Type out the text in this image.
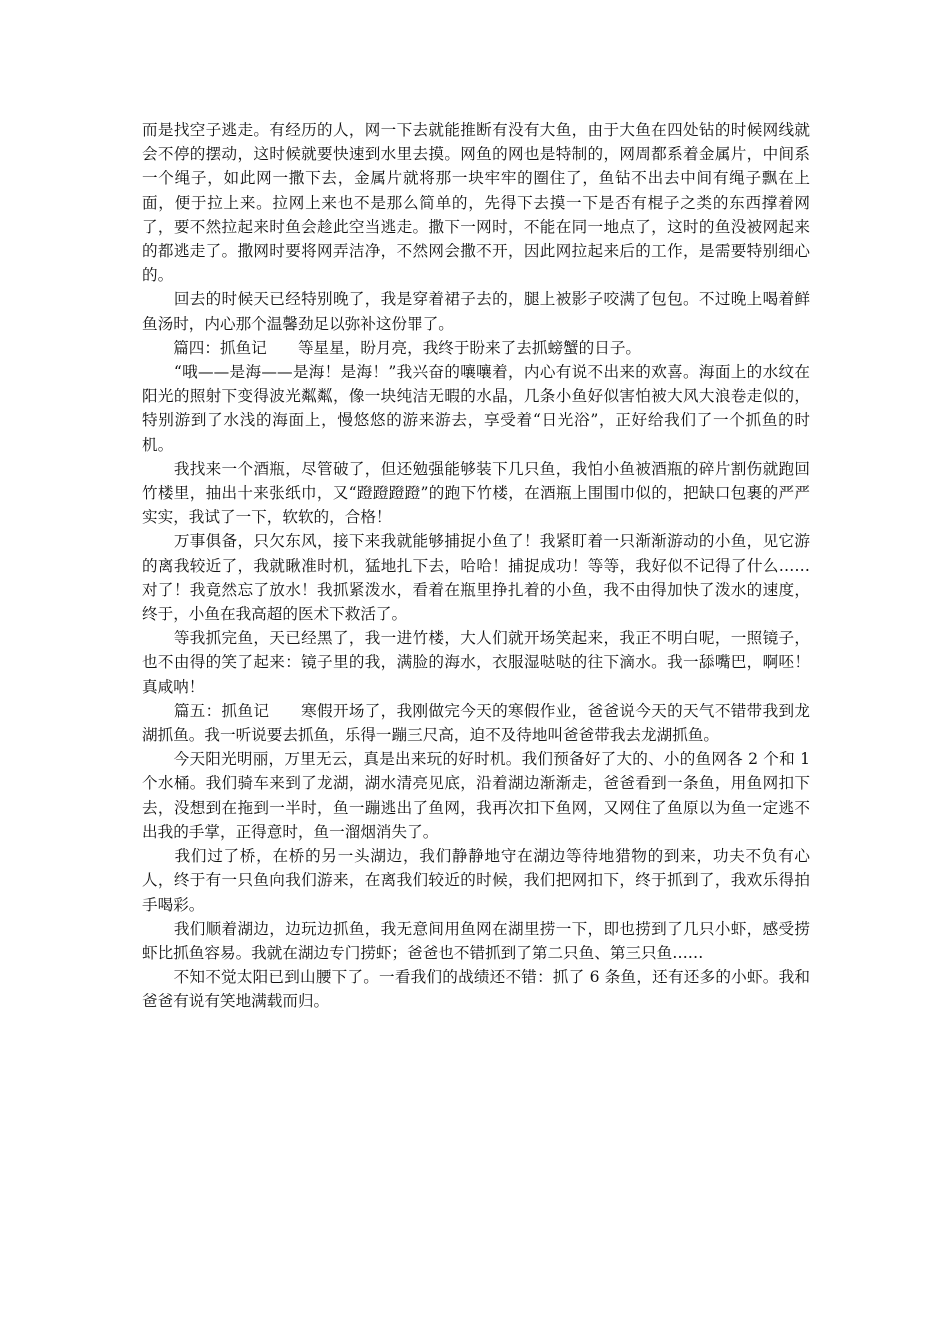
而是找空子逃走。有经历的人，网一下去就能推断有没有大鱼，由于大鱼在四处钻的时候网线就会不停的摆动，这时候就要快速到水里去摸。网鱼的网也是特制的，网周都系着金属片，中间系一个绳子，如此网一撒下去，金属片就将那一块牢牢的圈住了，鱼钻不出去中间有绳子飘在上面，便于拉上来。拉网上来也不是那么简单的，先得下去摸一下是否有棍子之类的东西撑着网了，要不然拉起来时鱼会趁此空当逃走。撒下一网时，不能在同一地点了，这时的鱼没被网起来的都逃走了。撒网时要将网弄洁净，不然网会撒不开，因此网拉起来后的工作，是需要特别细心的。

　　回去的时候天已经特别晚了，我是穿着裙子去的，腿上被影子咬满了包包。不过晚上喝着鲜鱼汤时，内心那个温馨劲足以弥补这份罪了。

　　篇四：抓鱼记　　等星星，盼月亮，我终于盼来了去抓螃蟹的日子。

　　“哦——是海——是海！是海！”我兴奋的嚷嚷着，内心有说不出来的欢喜。海面上的水纹在阳光的照射下变得波光粼粼，像一块纯洁无暇的水晶，几条小鱼好似害怕被大风大浪卷走似的，特别游到了水浅的海面上，慢悠悠的游来游去，享受着“日光浴”，正好给我们了一个抓鱼的时机。

　　我找来一个酒瓶，尽管破了，但还勉强能够装下几只鱼，我怕小鱼被酒瓶的碎片割伤就跑回竹楼里，抽出十来张纸巾，又“蹬蹬蹬蹬”的跑下竹楼，在酒瓶上围围巾似的，把缺口包裹的严严实实，我试了一下，软软的，合格！

　　万事俱备，只欠东风，接下来我就能够捕捉小鱼了！我紧盯着一只渐渐游动的小鱼，见它游的离我较近了，我就瞅准时机，猛地扎下去，哈哈！捕捉成功！等等，我好似不记得了什么……对了！我竟然忘了放水！我抓紧泼水，看着在瓶里挣扎着的小鱼，我不由得加快了泼水的速度，终于，小鱼在我高超的医术下救活了。

　　等我抓完鱼，天已经黑了，我一进竹楼，大人们就开场笑起来，我正不明白呢，一照镜子，也不由得的笑了起来：镜子里的我，满脸的海水，衣服湿哒哒的往下滴水。我一舔嘴巴，啊呸！真咸呐！

　　篇五：抓鱼记　　寒假开场了，我刚做完今天的寒假作业，爸爸说今天的天气不错带我到龙湖抓鱼。我一听说要去抓鱼，乐得一蹦三尺高，迫不及待地叫爸爸带我去龙湖抓鱼。

　　今天阳光明丽，万里无云，真是出来玩的好时机。我们预备好了大的、小的鱼网各 2 个和 1 个水桶。我们骑车来到了龙湖，湖水清亮见底，沿着湖边渐渐走，爸爸看到一条鱼，用鱼网扣下去，没想到在拖到一半时，鱼一蹦逃出了鱼网，我再次扣下鱼网，又网住了鱼原以为鱼一定逃不出我的手掌，正得意时，鱼一溜烟消失了。

　　我们过了桥，在桥的另一头湖边，我们静静地守在湖边等待地猎物的到来，功夫不负有心人，终于有一只鱼向我们游来，在离我们较近的时候，我们把网扣下，终于抓到了，我欢乐得拍手喝彩。

　　我们顺着湖边，边玩边抓鱼，我无意间用鱼网在湖里捞一下，即也捞到了几只小虾，感受捞虾比抓鱼容易。我就在湖边专门捞虾；爸爸也不错抓到了第二只鱼、第三只鱼……

　　不知不觉太阳已到山腰下了。一看我们的战绩还不错：抓了 6 条鱼，还有还多的小虾。我和爸爸有说有笑地满载而归。
